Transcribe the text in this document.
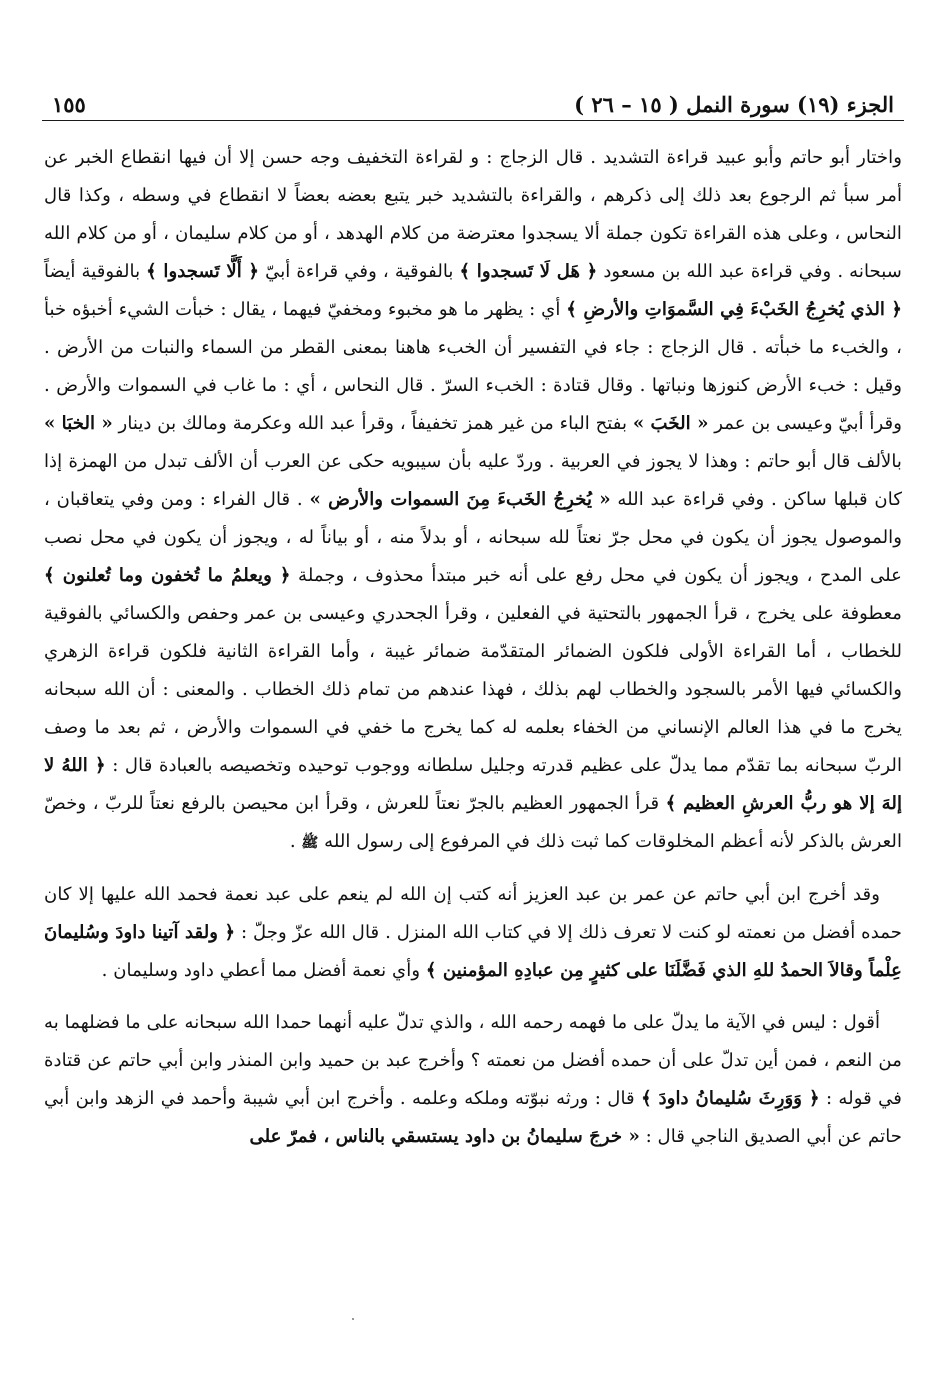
الجزء (١٩) سورة النمل ( ١٥ – ٢٦ )
١٥٥

واختار أبو حاتم وأبو عبيد قراءة التشديد . قال الزجاج : و لقراءة التخفيف وجه حسن إلا أن فيها انقطاع الخبر عن أمر سبأ ثم الرجوع بعد ذلك إلى ذكرهم ، والقراءة بالتشديد خبر يتبع بعضه بعضاً لا انقطاع في وسطه ، وكذا قال النحاس ، وعلى هذه القراءة تكون جملة ألا يسجدوا معترضة من كلام الهدهد ، أو من كلام سليمان ، أو من كلام الله سبحانه . وفي قراءة عبد الله بن مسعود ﴿ هَل لَا تَسجدوا ﴾ بالفوقية ، وفي قراءة أبيّ ﴿ أَلَّا تَسجدوا ﴾ بالفوقية أيضاً ﴿ الذي يُخرِجُ الخَبْءَ فِي السَّموَاتِ والأرضِ ﴾ أي : يظهر ما هو مخبوء ومخفيّ فيهما ، يقال : خبأت الشيء أخبؤه خبأ ، والخبء ما خبأته . قال الزجاج : جاء في التفسير أن الخبء هاهنا بمعنى القطر من السماء والنبات من الأرض . وقيل : خبء الأرض كنوزها ونباتها . وقال قتادة : الخبء السرّ . قال النحاس ، أي : ما غاب في السموات والأرض . وقرأ أبيّ وعيسى بن عمر « الخَبَ » بفتح الباء من غير همز تخفيفاً ، وقرأ عبد الله وعكرمة ومالك بن دينار « الخبَا » بالألف قال أبو حاتم : وهذا لا يجوز في العربية . وردّ عليه بأن سيبويه حكى عن العرب أن الألف تبدل من الهمزة إذا كان قبلها ساكن . وفي قراءة عبد الله « يُخرِجُ الخَبءَ مِنَ السموات والأرض » . قال الفراء : ومن وفي يتعاقبان ، والموصول يجوز أن يكون في محل جرّ نعتاً لله سبحانه ، أو بدلاً منه ، أو بياناً له ، ويجوز أن يكون في محل نصب على المدح ، ويجوز أن يكون في محل رفع على أنه خبر مبتدأ محذوف ، وجملة ﴿ ويعلمُ ما تُخفون وما تُعلنون ﴾ معطوفة على يخرج ، قرأ الجمهور بالتحتية في الفعلين ، وقرأ الجحدري وعيسى بن عمر وحفص والكسائي بالفوقية للخطاب ، أما القراءة الأولى فلكون الضمائر المتقدّمة ضمائر غيبة ، وأما القراءة الثانية فلكون قراءة الزهري والكسائي فيها الأمر بالسجود والخطاب لهم بذلك ، فهذا عندهم من تمام ذلك الخطاب . والمعنى : أن الله سبحانه يخرج ما في هذا العالم الإنساني من الخفاء بعلمه له كما يخرج ما خفي في السموات والأرض ، ثم بعد ما وصف الربّ سبحانه بما تقدّم مما يدلّ على عظيم قدرته وجليل سلطانه ووجوب توحيده وتخصيصه بالعبادة قال : ﴿ اللهُ لا إلهَ إلا هو ربُّ العرشِ العظيم ﴾ قرأ الجمهور العظيم بالجرّ نعتاً للعرش ، وقرأ ابن محيصن بالرفع نعتاً للربّ ، وخصّ العرش بالذكر لأنه أعظم المخلوقات كما ثبت ذلك في المرفوع إلى رسول الله ﷺ .

وقد أخرج ابن أبي حاتم عن عمر بن عبد العزيز أنه كتب إن الله لم ينعم على عبد نعمة فحمد الله عليها إلا كان حمده أفضل من نعمته لو كنت لا تعرف ذلك إلا في كتاب الله المنزل . قال الله عزّ وجلّ : ﴿ ولقد آتينا داودَ وسُليمانَ عِلْماً وقالاَ الحمدُ للهِ الذي فَضَّلَنَا على كثيرٍ مِن عبادِهِ المؤمنين ﴾ وأي نعمة أفضل مما أعطي داود وسليمان .

أقول : ليس في الآية ما يدلّ على ما فهمه رحمه الله ، والذي تدلّ عليه أنهما حمدا الله سبحانه على ما فضلهما به من النعم ، فمن أين تدلّ على أن حمده أفضل من نعمته ؟ وأخرج عبد بن حميد وابن المنذر وابن أبي حاتم عن قتادة في قوله : ﴿ وَوَرِثَ سُليمانُ داودَ ﴾ قال : ورثه نبوّته وملكه وعلمه . وأخرج ابن أبي شيبة وأحمد في الزهد وابن أبي حاتم عن أبي الصديق الناجي قال : « خرجَ سليمانُ بن داود يستسقي بالناس ، فمرّ على
